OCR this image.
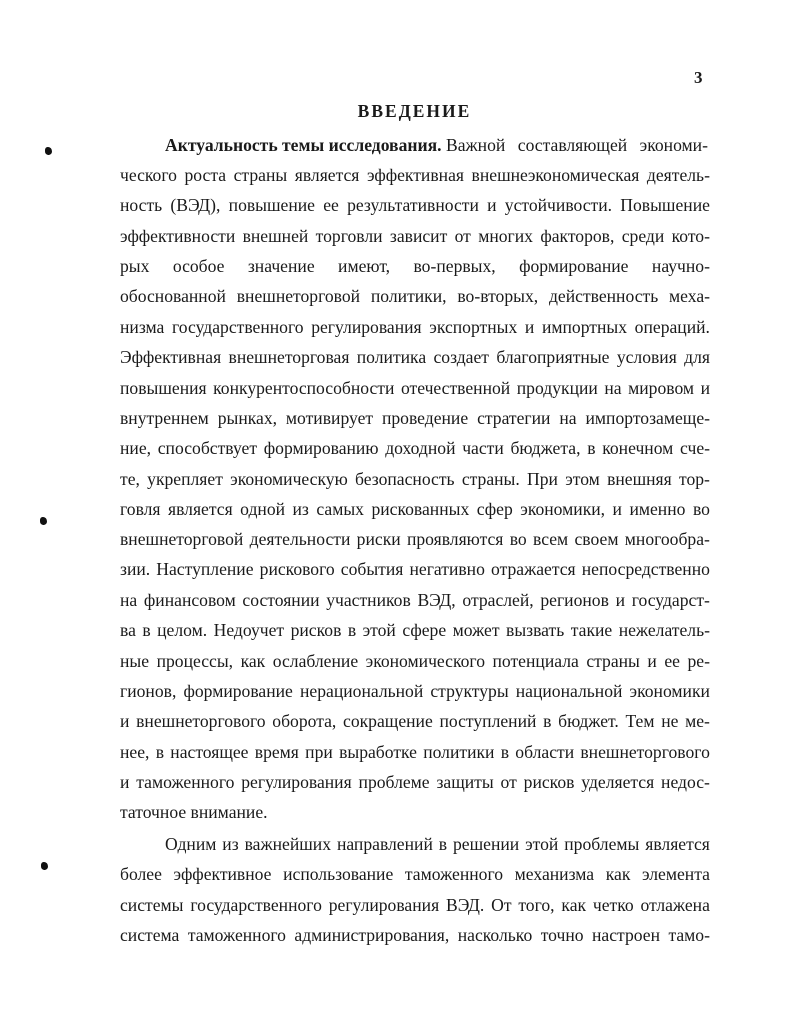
3
ВВЕДЕНИЕ
Актуальность темы исследования.
Важной составляющей экономи-
ческого роста страны является эффективная внешнеэкономическая деятель-
ность (ВЭД), повышение ее результативности и устойчивости. Повышение
эффективности внешней торговли зависит от многих факторов, среди кото-
рых особое значение имеют, во-первых, формирование научно-
обоснованной внешнеторговой политики, во-вторых, действенность меха-
низма государственного регулирования экспортных и импортных операций.
Эффективная внешнеторговая политика создает благоприятные условия для
повышения конкурентоспособности отечественной продукции на мировом и
внутреннем рынках, мотивирует проведение стратегии на импортозамеще-
ние, способствует формированию доходной части бюджета, в конечном сче-
те, укрепляет экономическую безопасность страны. При этом внешняя тор-
говля является одной из самых рискованных сфер экономики, и именно во
внешнеторговой деятельности риски проявляются во всем своем многообра-
зии. Наступление рискового события негативно отражается непосредственно
на финансовом состоянии участников ВЭД, отраслей, регионов и государст-
ва в целом. Недоучет рисков в этой сфере может вызвать такие нежелатель-
ные процессы, как ослабление экономического потенциала страны и ее ре-
гионов, формирование нерациональной структуры национальной экономики
и внешнеторгового оборота, сокращение поступлений в бюджет. Тем не ме-
нее, в настоящее время при выработке политики в области внешнеторгового
и таможенного регулирования проблеме защиты от рисков уделяется недос-
таточное внимание.
Одним из важнейших направлений в решении этой проблемы является
более эффективное использование таможенного механизма как элемента
системы государственного регулирования ВЭД. От того, как четко отлажена
система таможенного администрирования, насколько точно настроен тамо-
